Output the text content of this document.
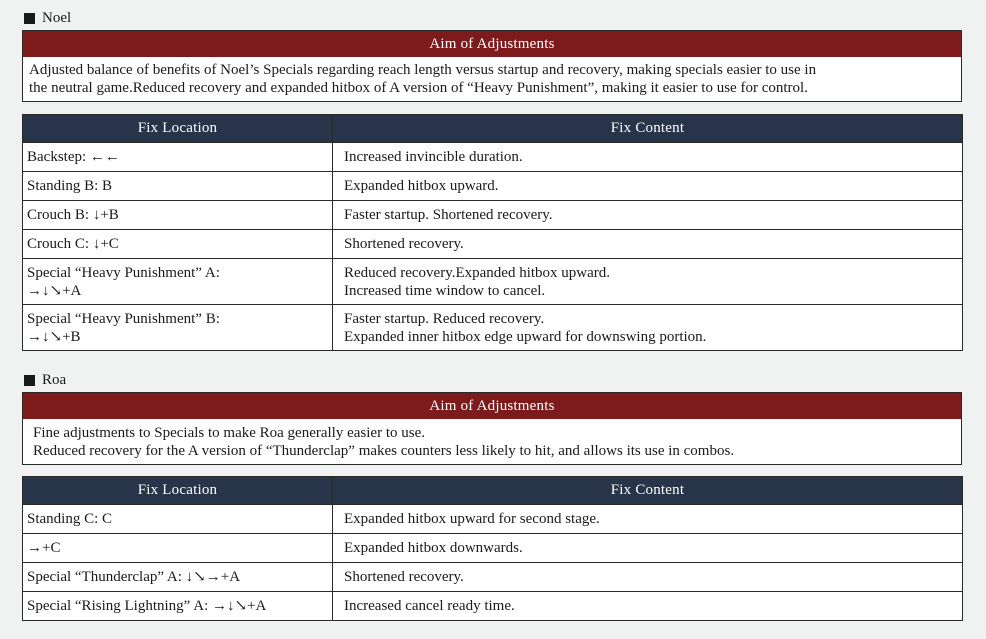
Noel
Aim of Adjustments
Adjusted balance of benefits of Noel’s Specials regarding reach length versus startup and recovery, making specials easier to use in
the neutral game.Reduced recovery and expanded hitbox of A version of “Heavy Punishment”, making it easier to use for control.
Fix Location	Fix Content

Backstep: ←←	Increased invincible duration.

Standing B: B	Expanded hitbox upward.

Crouch B: ↓+B	Faster startup. Shortened recovery.

Crouch C: ↓+C	Shortened recovery.

Special “Heavy Punishment” A:
→↓↘+A	Reduced recovery.Expanded hitbox upward.
Increased time window to cancel.

Special “Heavy Punishment” B:
→↓↘+B	Faster startup. Reduced recovery.
Expanded inner hitbox edge upward for downswing portion.
Roa
Aim of Adjustments
Fine adjustments to Specials to make Roa generally easier to use.
Reduced recovery for the A version of “Thunderclap” makes counters less likely to hit, and allows its use in combos.
Fix Location	Fix Content

Standing C: C	Expanded hitbox upward for second stage.

→+C	Expanded hitbox downwards.

Special “Thunderclap” A: ↓↘→+A	Shortened recovery.

Special “Rising Lightning” A: →↓↘+A	Increased cancel ready time.
